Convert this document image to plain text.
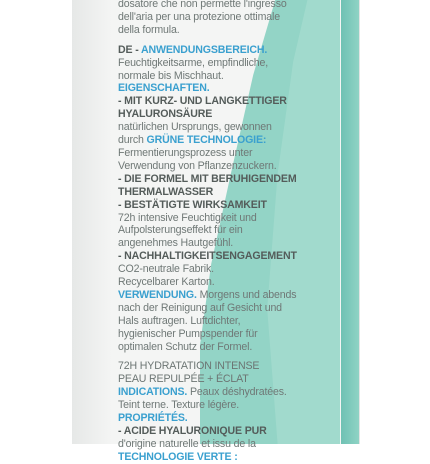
dosatore che non permette l'ingresso
dell'aria per una protezione ottimale
della formula.
DE - ANWENDUNGSBEREICH.
Feuchtigkeitsarme, empfindliche,
normale bis Mischhaut.
EIGENSCHAFTEN.
- MIT KURZ- UND LANGKETTIGER
HYALURONSÄURE
natürlichen Ursprungs, gewonnen
durch GRÜNE TECHNOLOGIE:
Fermentierungsprozess unter
Verwendung von Pflanzenzuckern.
- DIE FORMEL MIT BERUHIGENDEM
THERMALWASSER
- BESTÄTIGTE WIRKSAMKEIT
72h intensive Feuchtigkeit und
Aufpolsterungseffekt für ein
angenehmes Hautgefühl.
- NACHHALTIGKEITSENGAGEMENT
CO2-neutrale Fabrik.
Recycelbarer Karton.
VERWENDUNG. Morgens und abends
nach der Reinigung auf Gesicht und
Hals auftragen. Luftdichter,
hygienischer Pumpspender für
optimalen Schutz der Formel.
72H HYDRATATION INTENSE
PEAU REPULPÉE + ÉCLAT
INDICATIONS. Peaux déshydratées.
Teint terne. Texture légère.
PROPRIÉTÉS.
- ACIDE HYALURONIQUE PUR
d'origine naturelle et issu de la
TECHNOLOGIE VERTE :
